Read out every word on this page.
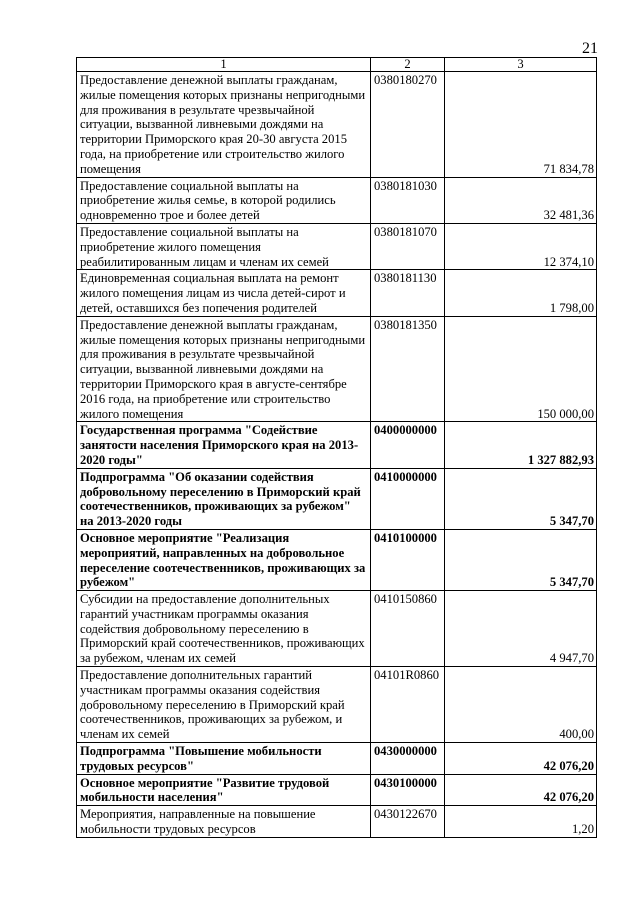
21
1	2	3
Предоставление денежной выплаты гражданам, жилые помещения которых признаны непригодными для проживания в результате чрезвычайной ситуации, вызванной ливневыми дождями на территории Приморского края 20-30 августа 2015 года, на приобретение или строительство жилого помещения	0380180270	71 834,78
Предоставление социальной выплаты на приобретение жилья семье, в которой родились одновременно трое и более детей	0380181030	32 481,36
Предоставление социальной выплаты на приобретение жилого помещения реабилитированным лицам и членам их семей	0380181070	12 374,10
Единовременная социальная выплата на ремонт жилого помещения лицам из числа детей-сирот и детей, оставшихся без попечения родителей	0380181130	1 798,00
Предоставление денежной выплаты гражданам, жилые помещения которых признаны непригодными для проживания в результате чрезвычайной ситуации, вызванной ливневыми дождями на территории Приморского края в августе-сентябре 2016 года, на приобретение или строительство жилого помещения	0380181350	150 000,00
Государственная программа "Содействие занятости населения Приморского края на 2013-2020 годы"	0400000000	1 327 882,93
Подпрограмма "Об оказании содействия добровольному переселению в Приморский край соотечественников, проживающих за рубежом" на 2013-2020 годы	0410000000	5 347,70
Основное мероприятие "Реализация мероприятий, направленных на добровольное переселение соотечественников, проживающих за рубежом"	0410100000	5 347,70
Субсидии на предоставление дополнительных гарантий участникам программы оказания содействия добровольному переселению в Приморский край соотечественников, проживающих за рубежом, членам их семей	0410150860	4 947,70
Предоставление дополнительных гарантий участникам программы оказания содействия добровольному переселению в Приморский край соотечественников, проживающих за рубежом, и членам их семей	04101R0860	400,00
Подпрограмма "Повышение мобильности трудовых ресурсов"	0430000000	42 076,20
Основное мероприятие "Развитие трудовой мобильности населения"	0430100000	42 076,20
Мероприятия, направленные на повышение мобильности трудовых ресурсов	0430122670	1,20
